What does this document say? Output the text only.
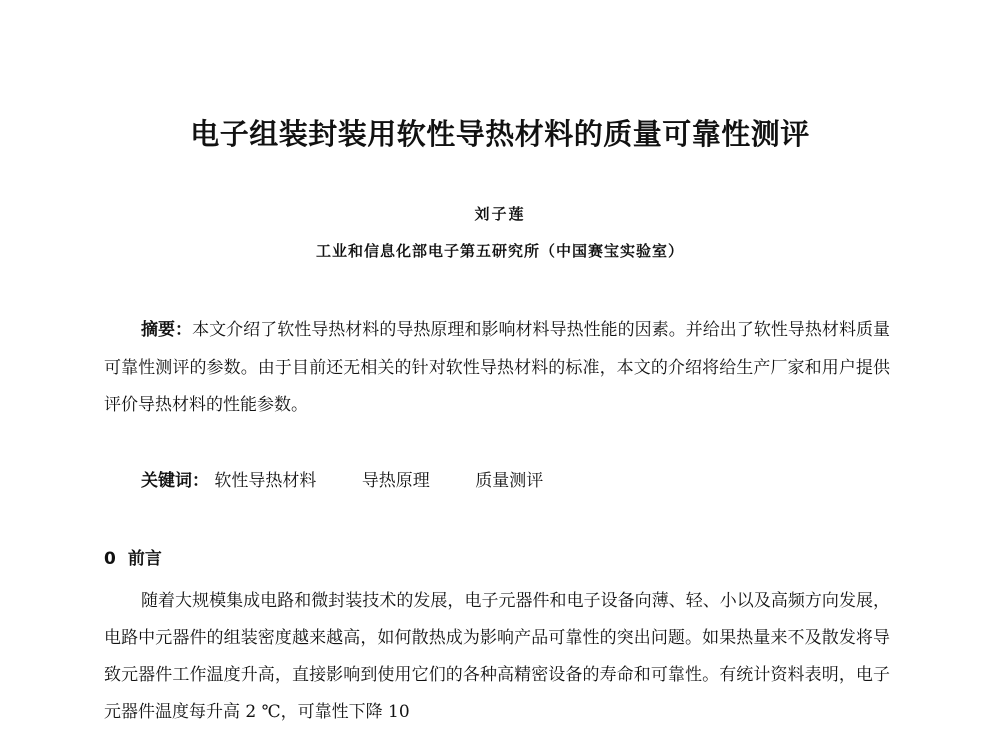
电子组装封装用软性导热材料的质量可靠性测评
刘子莲
工业和信息化部电子第五研究所（中国赛宝实验室）
摘要：本文介绍了软性导热材料的导热原理和影响材料导热性能的因素。并给出了软性导热材料质量可靠性测评的参数。由于目前还无相关的针对软性导热材料的标准，本文的介绍将给生产厂家和用户提供评价导热材料的性能参数。
关键词： 软性导热材料	导热原理	质量测评
0 前言
随着大规模集成电路和微封装技术的发展，电子元器件和电子设备向薄、轻、小以及高频方向发展，电路中元器件的组装密度越来越高，如何散热成为影响产品可靠性的突出问题。如果热量来不及散发将导致元器件工作温度升高，直接影响到使用它们的各种高精密设备的寿命和可靠性。有统计资料表明，电子元器件温度每升高 2 ℃，可靠性下降 10
